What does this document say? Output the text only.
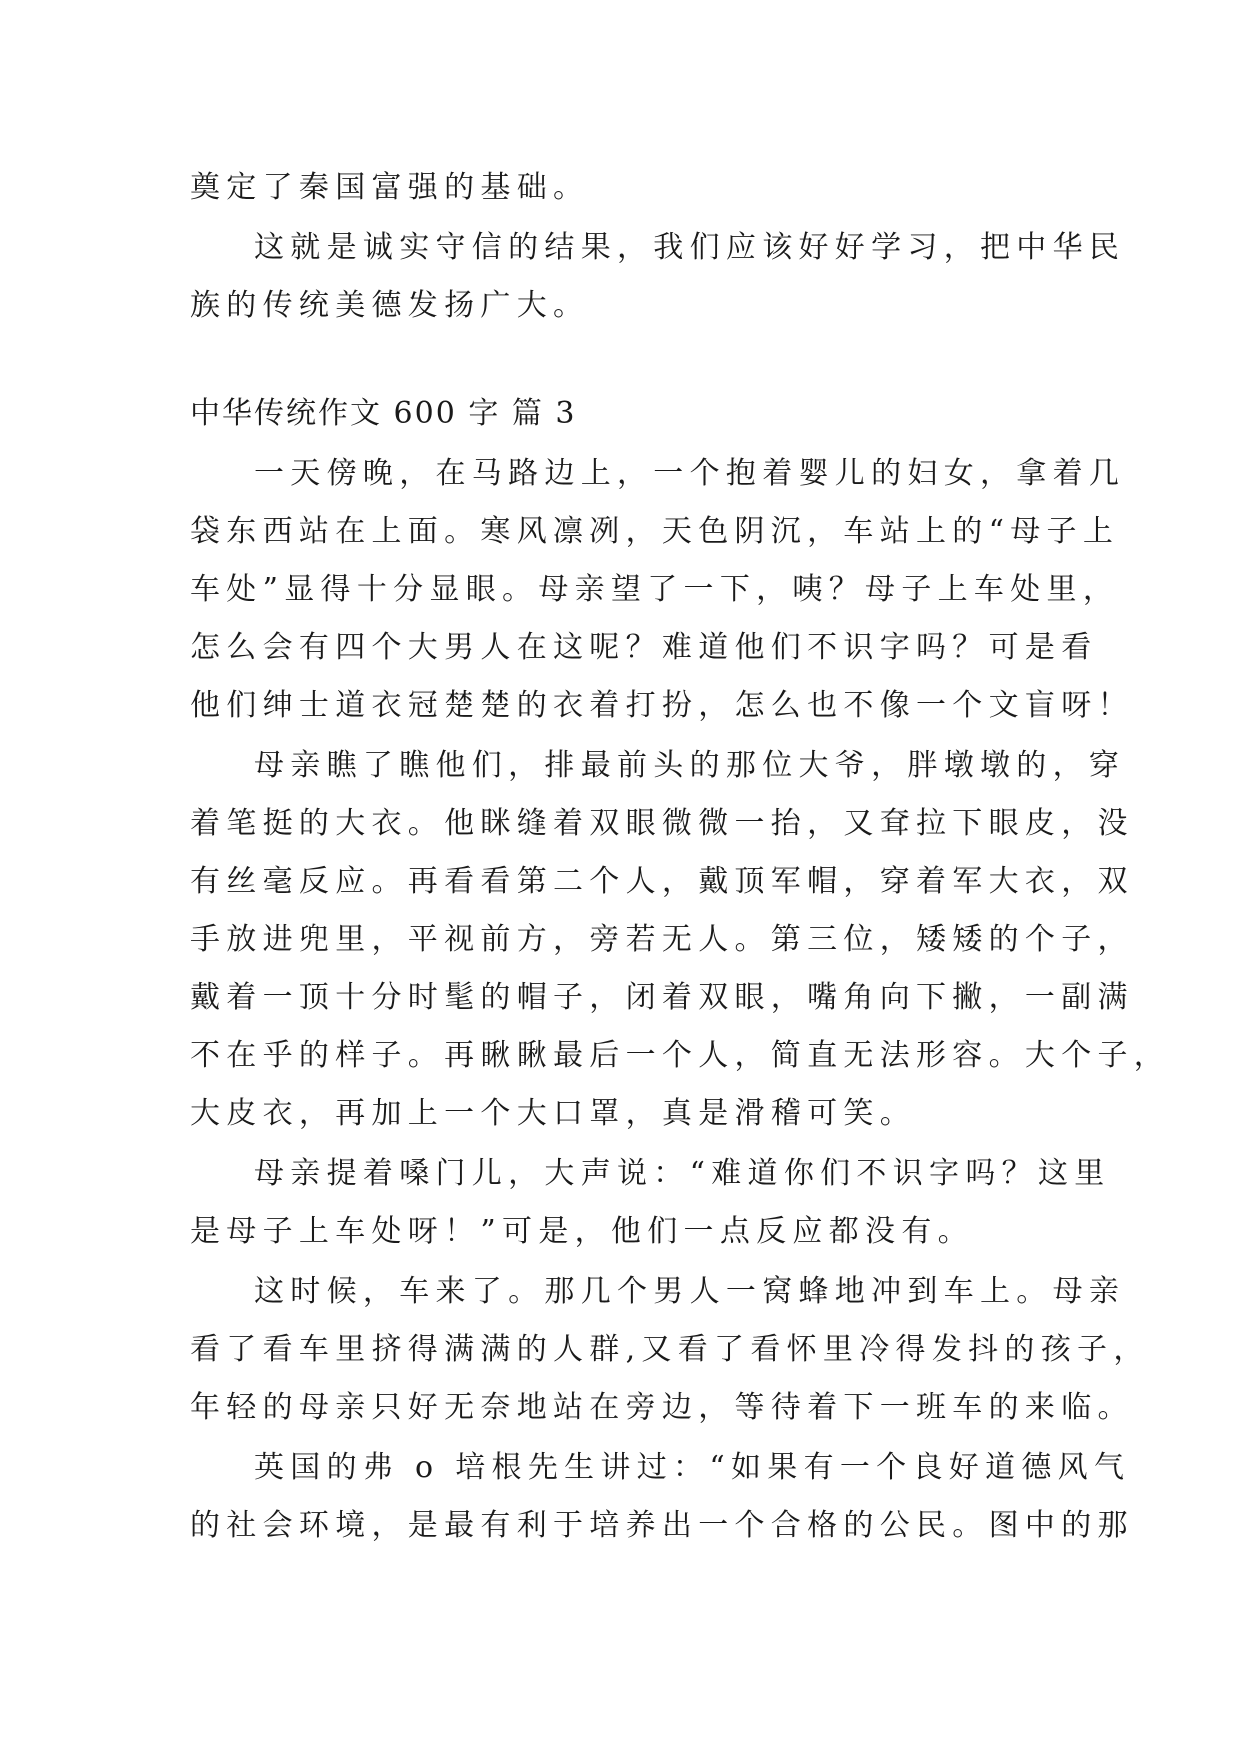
奠定了秦国富强的基础。

这就是诚实守信的结果，我们应该好好学习，把中华民

族的传统美德发扬广大。

中华传统作文 600 字 篇 3

一天傍晚，在马路边上，一个抱着婴儿的妇女，拿着几

袋东西站在上面。寒风凛冽，天色阴沉，车站上的“母子上

车处”显得十分显眼。母亲望了一下，咦？母子上车处里，

怎么会有四个大男人在这呢？难道他们不识字吗？可是看

他们绅士道衣冠楚楚的衣着打扮，怎么也不像一个文盲呀！

母亲瞧了瞧他们，排最前头的那位大爷，胖墩墩的，穿

着笔挺的大衣。他眯缝着双眼微微一抬，又耷拉下眼皮，没

有丝毫反应。再看看第二个人，戴顶军帽，穿着军大衣，双

手放进兜里，平视前方，旁若无人。第三位，矮矮的个子，

戴着一顶十分时髦的帽子，闭着双眼，嘴角向下撇，一副满

不在乎的样子。再瞅瞅最后一个人，简直无法形容。大个子，

大皮衣，再加上一个大口罩，真是滑稽可笑。

母亲提着嗓门儿，大声说：“难道你们不识字吗？这里

是母子上车处呀！”可是，他们一点反应都没有。

这时候，车来了。那几个男人一窝蜂地冲到车上。母亲

看了看车里挤得满满的人群,又看了看怀里冷得发抖的孩子，

年轻的母亲只好无奈地站在旁边，等待着下一班车的来临。

英国的弗 o 培根先生讲过：“如果有一个良好道德风气

的社会环境，是最有利于培养出一个合格的公民。图中的那
